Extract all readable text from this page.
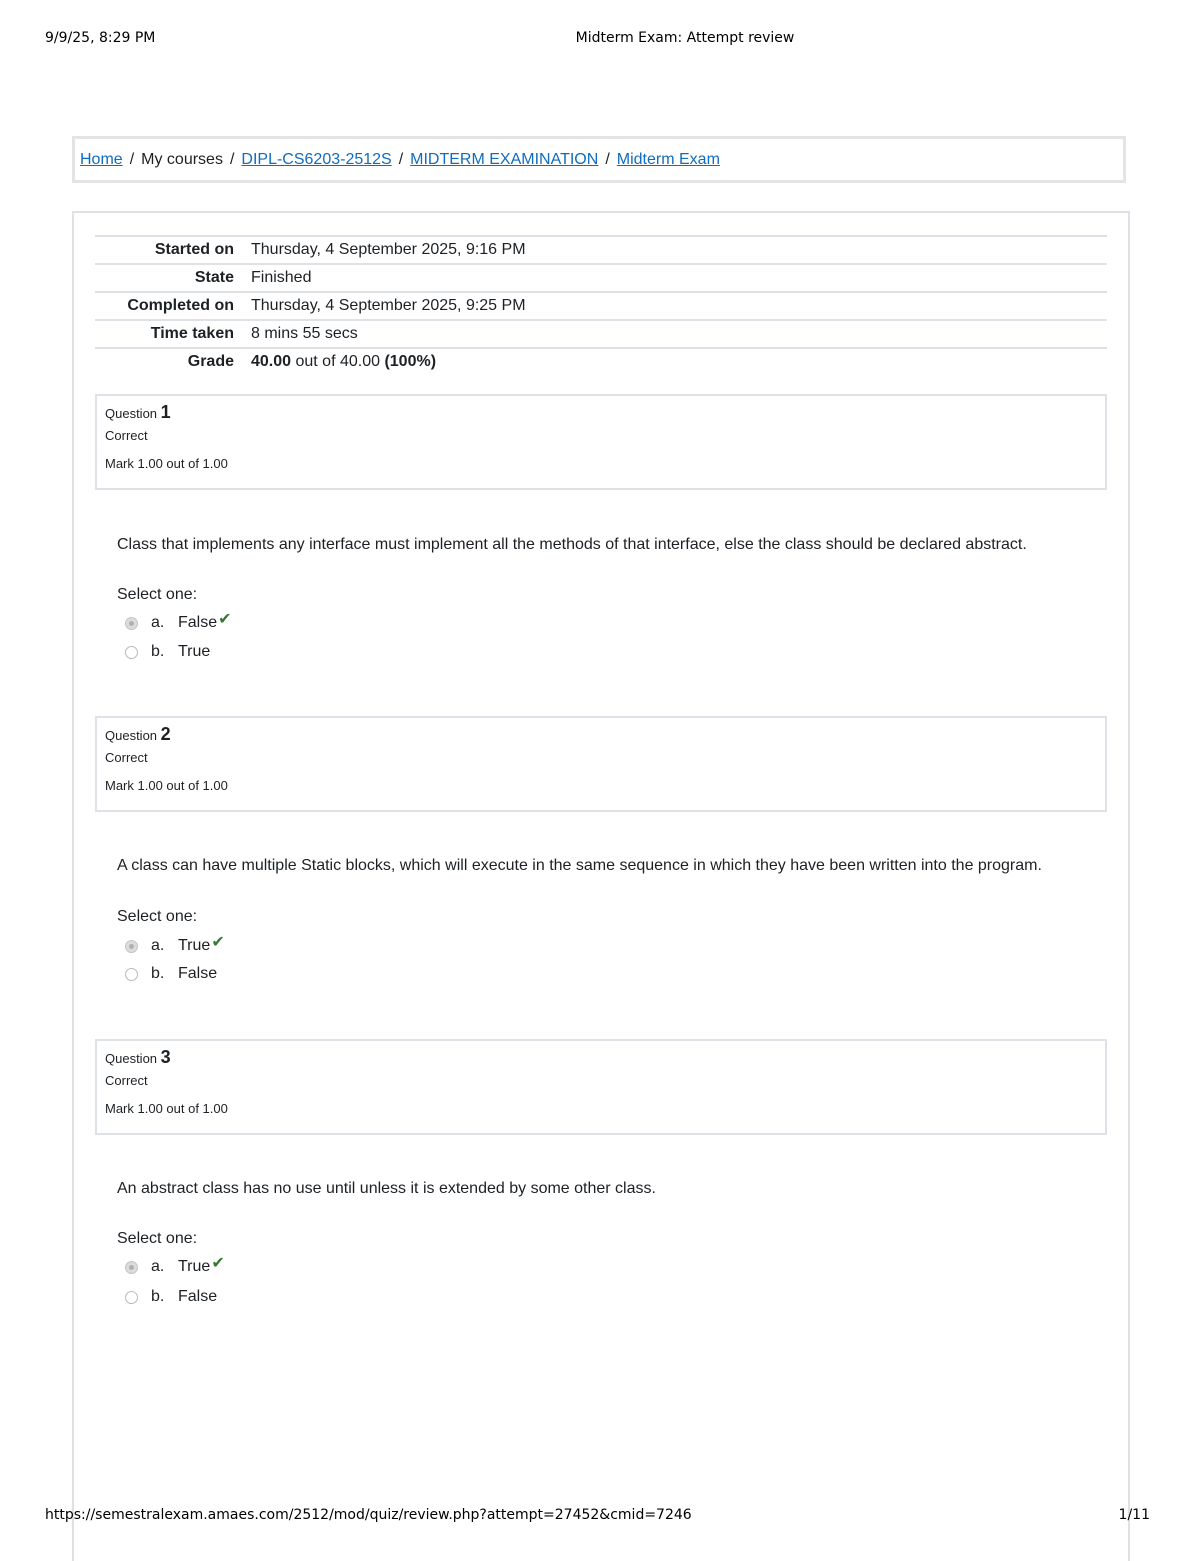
9/9/25, 8:29 PM	Midterm Exam: Attempt review
Home / My courses / DIPL-CS6203-2512S / MIDTERM EXAMINATION / Midterm Exam
Started on	Thursday, 4 September 2025, 9:16 PM
State	Finished
Completed on	Thursday, 4 September 2025, 9:25 PM
Time taken	8 mins 55 secs
Grade	40.00 out of 40.00 (100%)
Question 1
Correct
Mark 1.00 out of 1.00
Class that implements any interface must implement all the methods of that interface, else the class should be declared abstract.
Select one:
a. False ✔
b. True
Question 2
Correct
Mark 1.00 out of 1.00
A class can have multiple Static blocks, which will execute in the same sequence in which they have been written into the program.
Select one:
a. True ✔
b. False
Question 3
Correct
Mark 1.00 out of 1.00
An abstract class has no use until unless it is extended by some other class.
Select one:
a. True ✔
b. False
https://semestralexam.amaes.com/2512/mod/quiz/review.php?attempt=27452&cmid=7246	1/11
